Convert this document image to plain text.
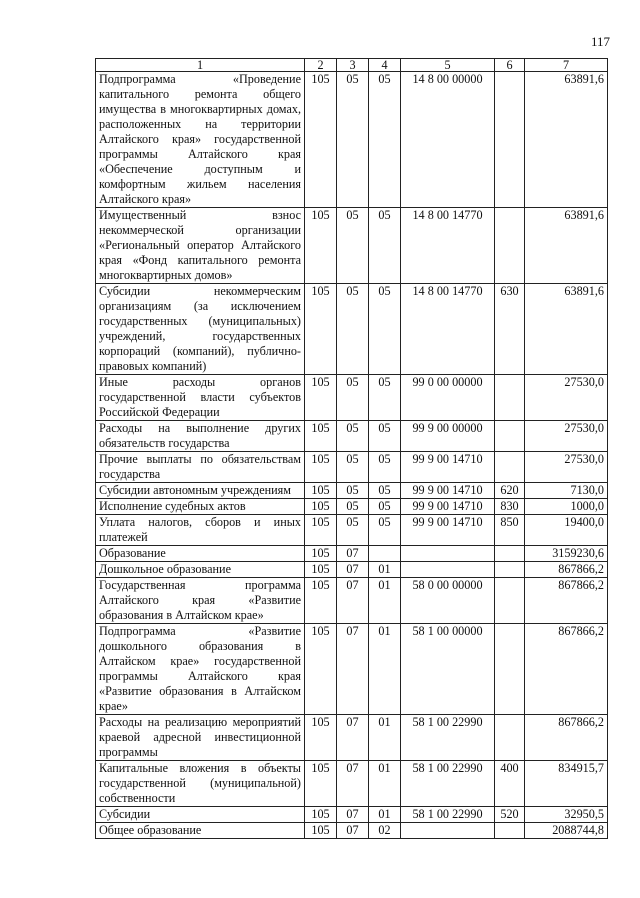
117
1	2	3	4	5	6	7
Подпрограмма «Проведение капитального ремонта общего имущества в многоквартирных домах, расположенных на территории Алтайского края» государственной программы Алтайского края «Обеспечение доступным и комфортным жильем населения Алтайского края»	105	05	05	14 8 00 00000		63891,6
Имущественный взнос некоммерческой организации «Региональный оператор Алтайского края «Фонд капитального ремонта многоквартирных домов»	105	05	05	14 8 00 14770		63891,6
Субсидии некоммерческим организациям (за исключением государственных (муниципальных) учреждений, государственных корпораций (компаний), публично-правовых компаний)	105	05	05	14 8 00 14770	630	63891,6
Иные расходы органов государственной власти субъектов Российской Федерации	105	05	05	99 0 00 00000		27530,0
Расходы на выполнение других обязательств государства	105	05	05	99 9 00 00000		27530,0
Прочие выплаты по обязательствам государства	105	05	05	99 9 00 14710		27530,0
Субсидии автономным учреждениям	105	05	05	99 9 00 14710	620	7130,0
Исполнение судебных актов	105	05	05	99 9 00 14710	830	1000,0
Уплата налогов, сборов и иных платежей	105	05	05	99 9 00 14710	850	19400,0
Образование	105	07				3159230,6
Дошкольное образование	105	07	01			867866,2
Государственная программа Алтайского края «Развитие образования в Алтайском крае»	105	07	01	58 0 00 00000		867866,2
Подпрограмма «Развитие дошкольного образования в Алтайском крае» государственной программы Алтайского края «Развитие образования в Алтайском крае»	105	07	01	58 1 00 00000		867866,2
Расходы на реализацию мероприятий краевой адресной инвестиционной программы	105	07	01	58 1 00 22990		867866,2
Капитальные вложения в объекты государственной (муниципальной) собственности	105	07	01	58 1 00 22990	400	834915,7
Субсидии	105	07	01	58 1 00 22990	520	32950,5
Общее образование	105	07	02			2088744,8
